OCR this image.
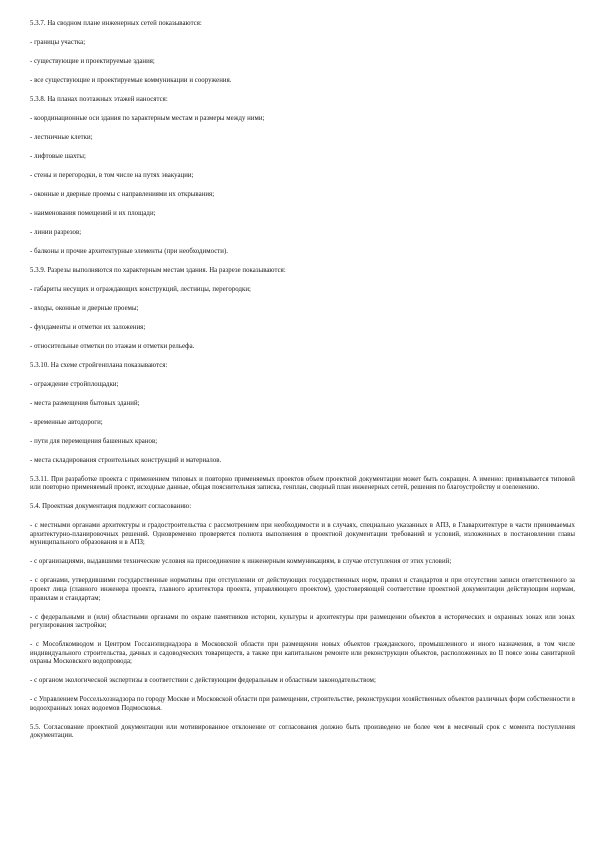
5.3.7. На сводном плане инженерных сетей показываются:

- границы участка;

- существующие и проектируемые здания;

- все существующие и проектируемые коммуникации и сооружения.

5.3.8. На планах поэтажных этажей наносятся:

- координационные оси здания по характерным местам и размеры между ними;

- лестничные клетки;

- лифтовые шахты;

- стены и перегородки, в том числе на путях эвакуации;

- оконные и дверные проемы с направлениями их открывания;

- наименования помещений и их площади;

- линии разрезов;

- балконы и прочие архитектурные элементы (при необходимости).

5.3.9. Разрезы выполняются по характерным местам здания. На разрезе показываются:

- габариты несущих и ограждающих конструкций, лестницы, перегородки;

- входы, оконные и дверные проемы;

- фундаменты и отметки их заложения;

- относительные отметки по этажам и отметки рельефа.

5.3.10. На схеме стройгенплана показываются:

- ограждение стройплощадки;

- места размещения бытовых зданий;

- временные автодороги;

- пути для перемещения башенных кранов;

- места складирования строительных конструкций и материалов.

5.3.11. При разработке проекта с применением типовых и повторно применяемых проектов объем проектной документации может быть сокращен. А именно: привязывается типовой или повторно применяемый проект, исходные данные, общая пояснительная записка, генплан, сводный план инженерных сетей, решения по благоустройству и озеленению.

5.4. Проектная документация подлежит согласованию:

- с местными органами архитектуры и градостроительства с рассмотрением при необходимости и в случаях, специально указанных в АПЗ, в Главархитектуре в части принимаемых архитектурно-планировочных решений. Одновременно проверяется полнота выполнения в проектной документации требований и условий, изложенных в постановлении главы муниципального образования и в АПЗ;

- с организациями, выдавшими технические условия на присоединение к инженерным коммуникациям, в случае отступления от этих условий;

- с органами, утвердившими государственные нормативы при отступлении от действующих государственных норм, правил и стандартов и при отсутствии записи ответственного за проект лица (главного инженера проекта, главного архитектора проекта, управляющего проектом), удостоверяющей соответствие проектной документации действующим нормам, правилам и стандартам;

- с федеральными и (или) областными органами по охране памятников истории, культуры и архитектуры при размещении объектов в исторических и охранных зонах или зонах регулирования застройки;

- с Мособлкомводом и Центром Госсанэпиднадзора в Московской области при размещении новых объектов гражданского, промышленного и иного назначения, в том числе индивидуального строительства, дачных и садоводческих товариществ, а также при капитальном ремонте или реконструкции объектов, расположенных во II поясе зоны санитарной охраны Московского водопровода;

- с органом экологической экспертизы в соответствии с действующим федеральным и областным законодательством;

- с Управлением Россельхознадзора по городу Москве и Московской области при размещении, строительстве, реконструкции хозяйственных объектов различных форм собственности в водоохранных зонах водоемов Подмосковья.

5.5. Согласование проектной документации или мотивированное отклонение от согласования должно быть произведено не более чем в месячный срок с момента поступления документации.
